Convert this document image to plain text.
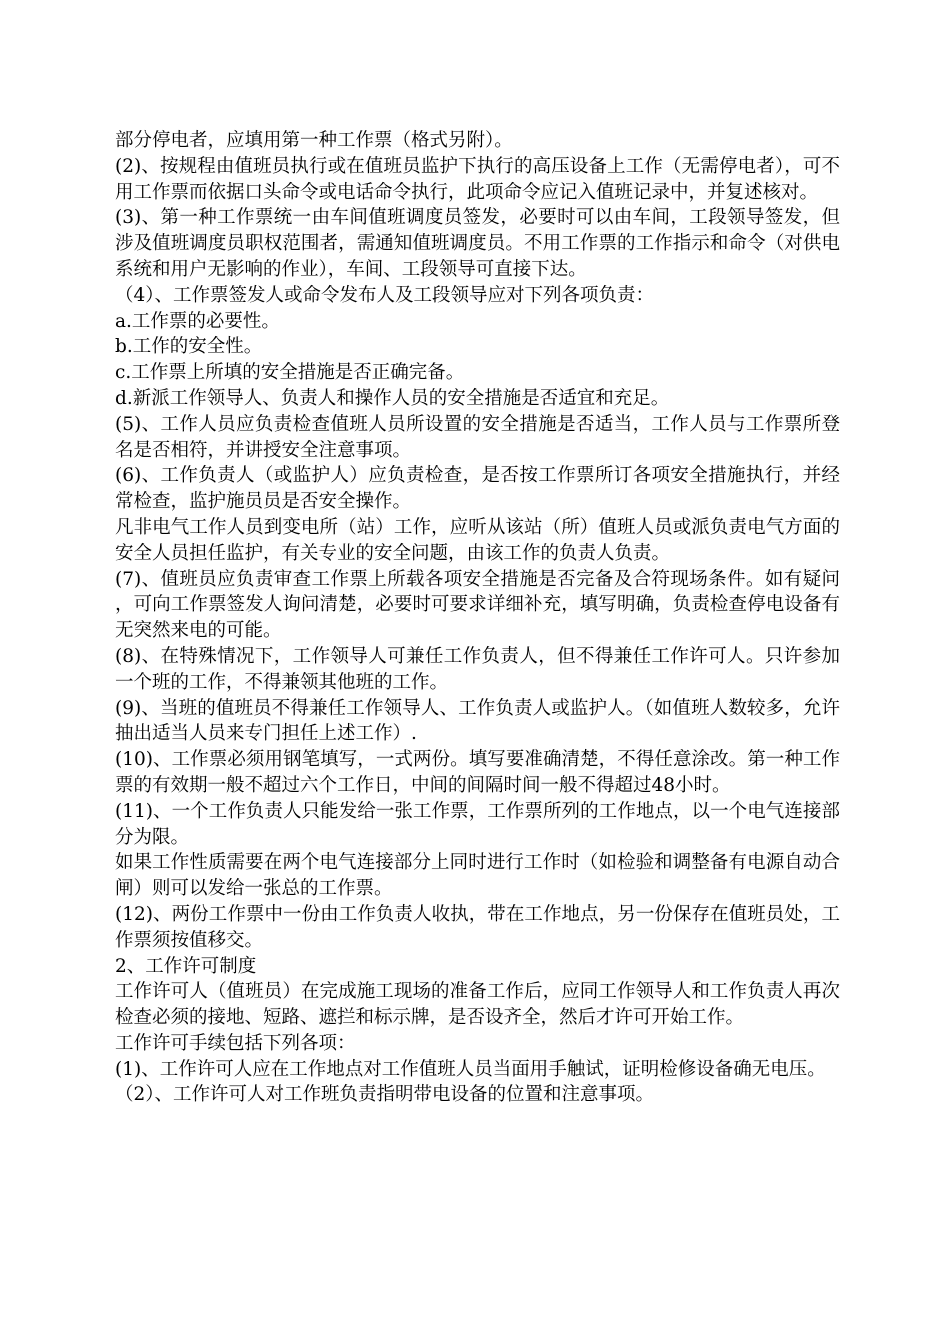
部分停电者，应填用第一种工作票（格式另附）。

(2)、按规程由值班员执行或在值班员监护下执行的高压设备上工作（无需停电者），可不用工作票而依据口头命令或电话命令执行，此项命令应记入值班记录中，并复述核对。

(3)、第一种工作票统一由车间值班调度员签发，必要时可以由车间，工段领导签发，但涉及值班调度员职权范围者，需通知值班调度员。不用工作票的工作指示和命令（对供电系统和用户无影响的作业），车间、工段领导可直接下达。

（4）、工作票签发人或命令发布人及工段领导应对下列各项负责：

a.工作票的必要性。

b.工作的安全性。

c.工作票上所填的安全措施是否正确完备。

d.新派工作领导人、负责人和操作人员的安全措施是否适宜和充足。

(5)、工作人员应负责检查值班人员所设置的安全措施是否适当，工作人员与工作票所登名是否相符，并讲授安全注意事项。

(6)、工作负责人（或监护人）应负责检查，是否按工作票所订各项安全措施执行，并经常检查，监护施员员是否安全操作。

凡非电气工作人员到变电所（站）工作，应听从该站（所）值班人员或派负责电气方面的安全人员担任监护，有关专业的安全问题，由该工作的负责人负责。

(7)、值班员应负责审查工作票上所载各项安全措施是否完备及合符现场条件。如有疑问，可向工作票签发人询问清楚，必要时可要求详细补充，填写明确，负责检查停电设备有无突然来电的可能。

(8)、在特殊情况下，工作领导人可兼任工作负责人，但不得兼任工作许可人。只许参加一个班的工作，不得兼领其他班的工作。

(9)、当班的值班员不得兼任工作领导人、工作负责人或监护人。（如值班人数较多，允许抽出适当人员来专门担任上述工作）.

(10)、工作票必须用钢笔填写，一式两份。填写要准确清楚，不得任意涂改。第一种工作票的有效期一般不超过六个工作日，中间的间隔时间一般不得超过48小时。

(11)、一个工作负责人只能发给一张工作票，工作票所列的工作地点，以一个电气连接部分为限。

如果工作性质需要在两个电气连接部分上同时进行工作时（如检验和调整备有电源自动合闸）则可以发给一张总的工作票。

(12)、两份工作票中一份由工作负责人收执，带在工作地点，另一份保存在值班员处，工作票须按值移交。

2、工作许可制度

工作许可人（值班员）在完成施工现场的准备工作后，应同工作领导人和工作负责人再次检查必须的接地、短路、遮拦和标示牌，是否设齐全，然后才许可开始工作。

工作许可手续包括下列各项：

(1)、工作许可人应在工作地点对工作值班人员当面用手触试，证明检修设备确无电压。

（2）、工作许可人对工作班负责指明带电设备的位置和注意事项。
